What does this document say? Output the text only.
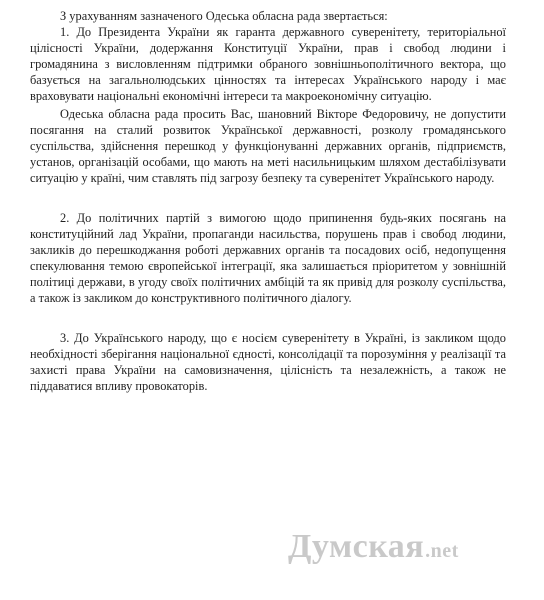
З урахуванням зазначеного Одеська обласна рада звертається:

1. До Президента України як гаранта державного суверенітету, територіальної цілісності України, додержання Конституції України, прав і свобод людини і громадянина з висловленням підтримки обраного зовнішньополітичного вектора, що базується на загальнолюдських цінностях та інтересах Українського народу і має враховувати національні економічні інтереси та макроекономічну ситуацію.

Одеська обласна рада просить Вас, шановний Вікторе Федоровичу, не допустити посягання на сталий розвиток Української державності, розколу громадянського суспільства, здійснення перешкод у функціонуванні державних органів, підприємств, установ, організацій особами, що мають на меті насильницьким шляхом дестабілізувати ситуацію у країні, чим ставлять під загрозу безпеку та суверенітет Українського народу.

2. До політичних партій з вимогою щодо припинення будь-яких посягань на конституційний лад України, пропаганди насильства, порушень прав і свобод людини, закликів до перешкоджання роботі державних органів та посадових осіб, недопущення спекулювання темою європейської інтеграції, яка залишається пріоритетом у зовнішній політиці держави, в угоду своїх політичних амбіцій та як привід для розколу суспільства, а також із закликом до конструктивного політичного діалогу.

3. До Українського народу, що є носієм суверенітету в Україні, із закликом щодо необхідності зберігання національної єдності, консолідації та порозуміння у реалізації та захисті права України на самовизначення, цілісність та незалежність, а також не піддаватися впливу провокаторів.

Думская.net
